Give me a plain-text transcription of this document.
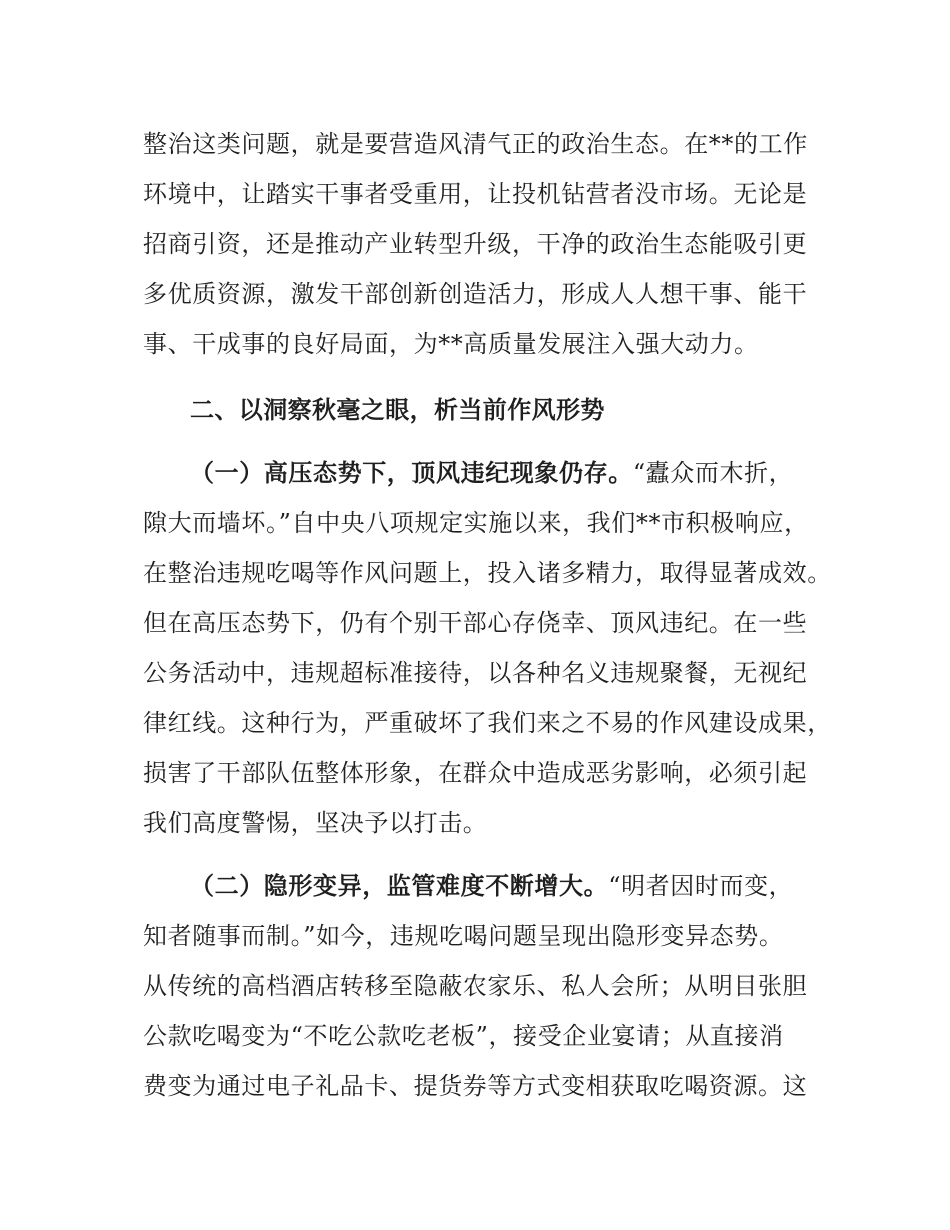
整治这类问题，就是要营造风清气正的政治生态。在**的工作
环境中，让踏实干事者受重用，让投机钻营者没市场。无论是
招商引资，还是推动产业转型升级，干净的政治生态能吸引更
多优质资源，激发干部创新创造活力，形成人人想干事、能干
事、干成事的良好局面，为**高质量发展注入强大动力。
二、以洞察秋毫之眼，析当前作风形势
（一）高压态势下，顶风违纪现象仍存。“蠹众而木折，
隙大而墙坏。”自中央八项规定实施以来，我们**市积极响应，
在整治违规吃喝等作风问题上，投入诸多精力，取得显著成效。
但在高压态势下，仍有个别干部心存侥幸、顶风违纪。在一些
公务活动中，违规超标准接待，以各种名义违规聚餐，无视纪
律红线。这种行为，严重破坏了我们来之不易的作风建设成果，
损害了干部队伍整体形象，在群众中造成恶劣影响，必须引起
我们高度警惕，坚决予以打击。
（二）隐形变异，监管难度不断增大。“明者因时而变，
知者随事而制。”如今，违规吃喝问题呈现出隐形变异态势。
从传统的高档酒店转移至隐蔽农家乐、私人会所；从明目张胆
公款吃喝变为“不吃公款吃老板”，接受企业宴请；从直接消
费变为通过电子礼品卡、提货券等方式变相获取吃喝资源。这
